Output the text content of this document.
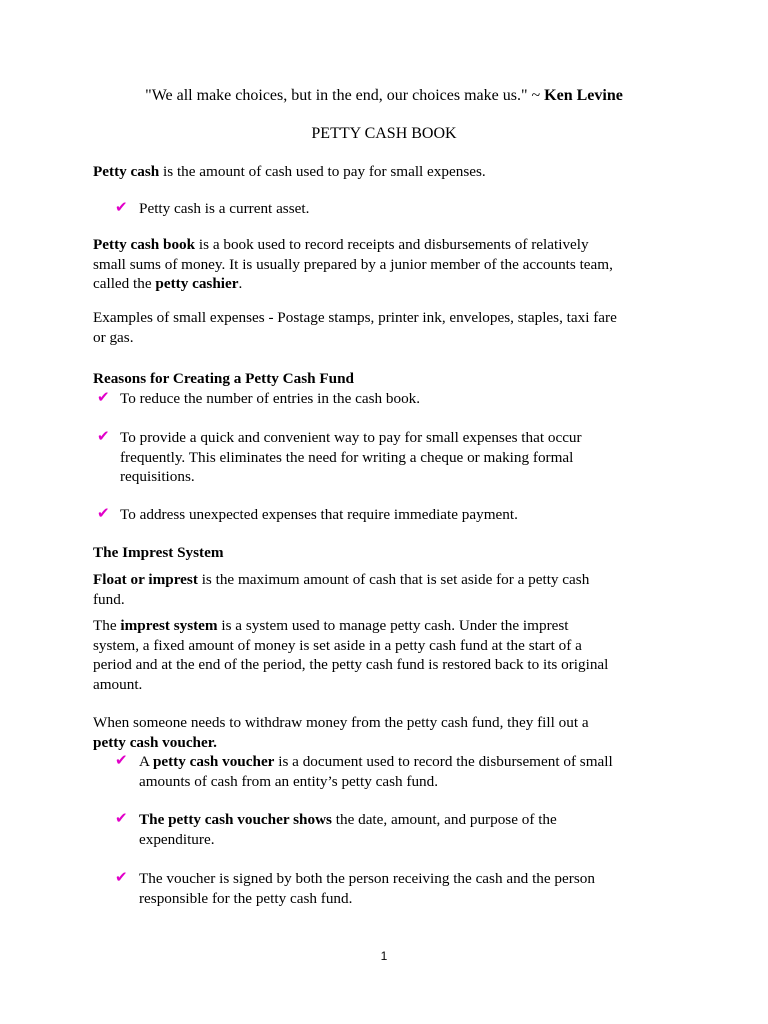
"We all make choices, but in the end, our choices make us." ~ Ken Levine
PETTY CASH BOOK
Petty cash is the amount of cash used to pay for small expenses.
✔ Petty cash is a current asset.
Petty cash book is a book used to record receipts and disbursements of relatively
small sums of money. It is usually prepared by a junior member of the accounts team,
called the petty cashier.
Examples of small expenses - Postage stamps, printer ink, envelopes, staples, taxi fare
or gas.
Reasons for Creating a Petty Cash Fund
✔ To reduce the number of entries in the cash book.
✔ To provide a quick and convenient way to pay for small expenses that occur
frequently. This eliminates the need for writing a cheque or making formal
requisitions.
✔ To address unexpected expenses that require immediate payment.
The Imprest System
Float or imprest is the maximum amount of cash that is set aside for a petty cash
fund.
The imprest system is a system used to manage petty cash. Under the imprest
system, a fixed amount of money is set aside in a petty cash fund at the start of a
period and at the end of the period, the petty cash fund is restored back to its original
amount.
When someone needs to withdraw money from the petty cash fund, they fill out a
petty cash voucher.
✔ A petty cash voucher is a document used to record the disbursement of small
amounts of cash from an entity’s petty cash fund.
✔ The petty cash voucher shows the date, amount, and purpose of the
expenditure.
✔ The voucher is signed by both the person receiving the cash and the person
responsible for the petty cash fund.
1
